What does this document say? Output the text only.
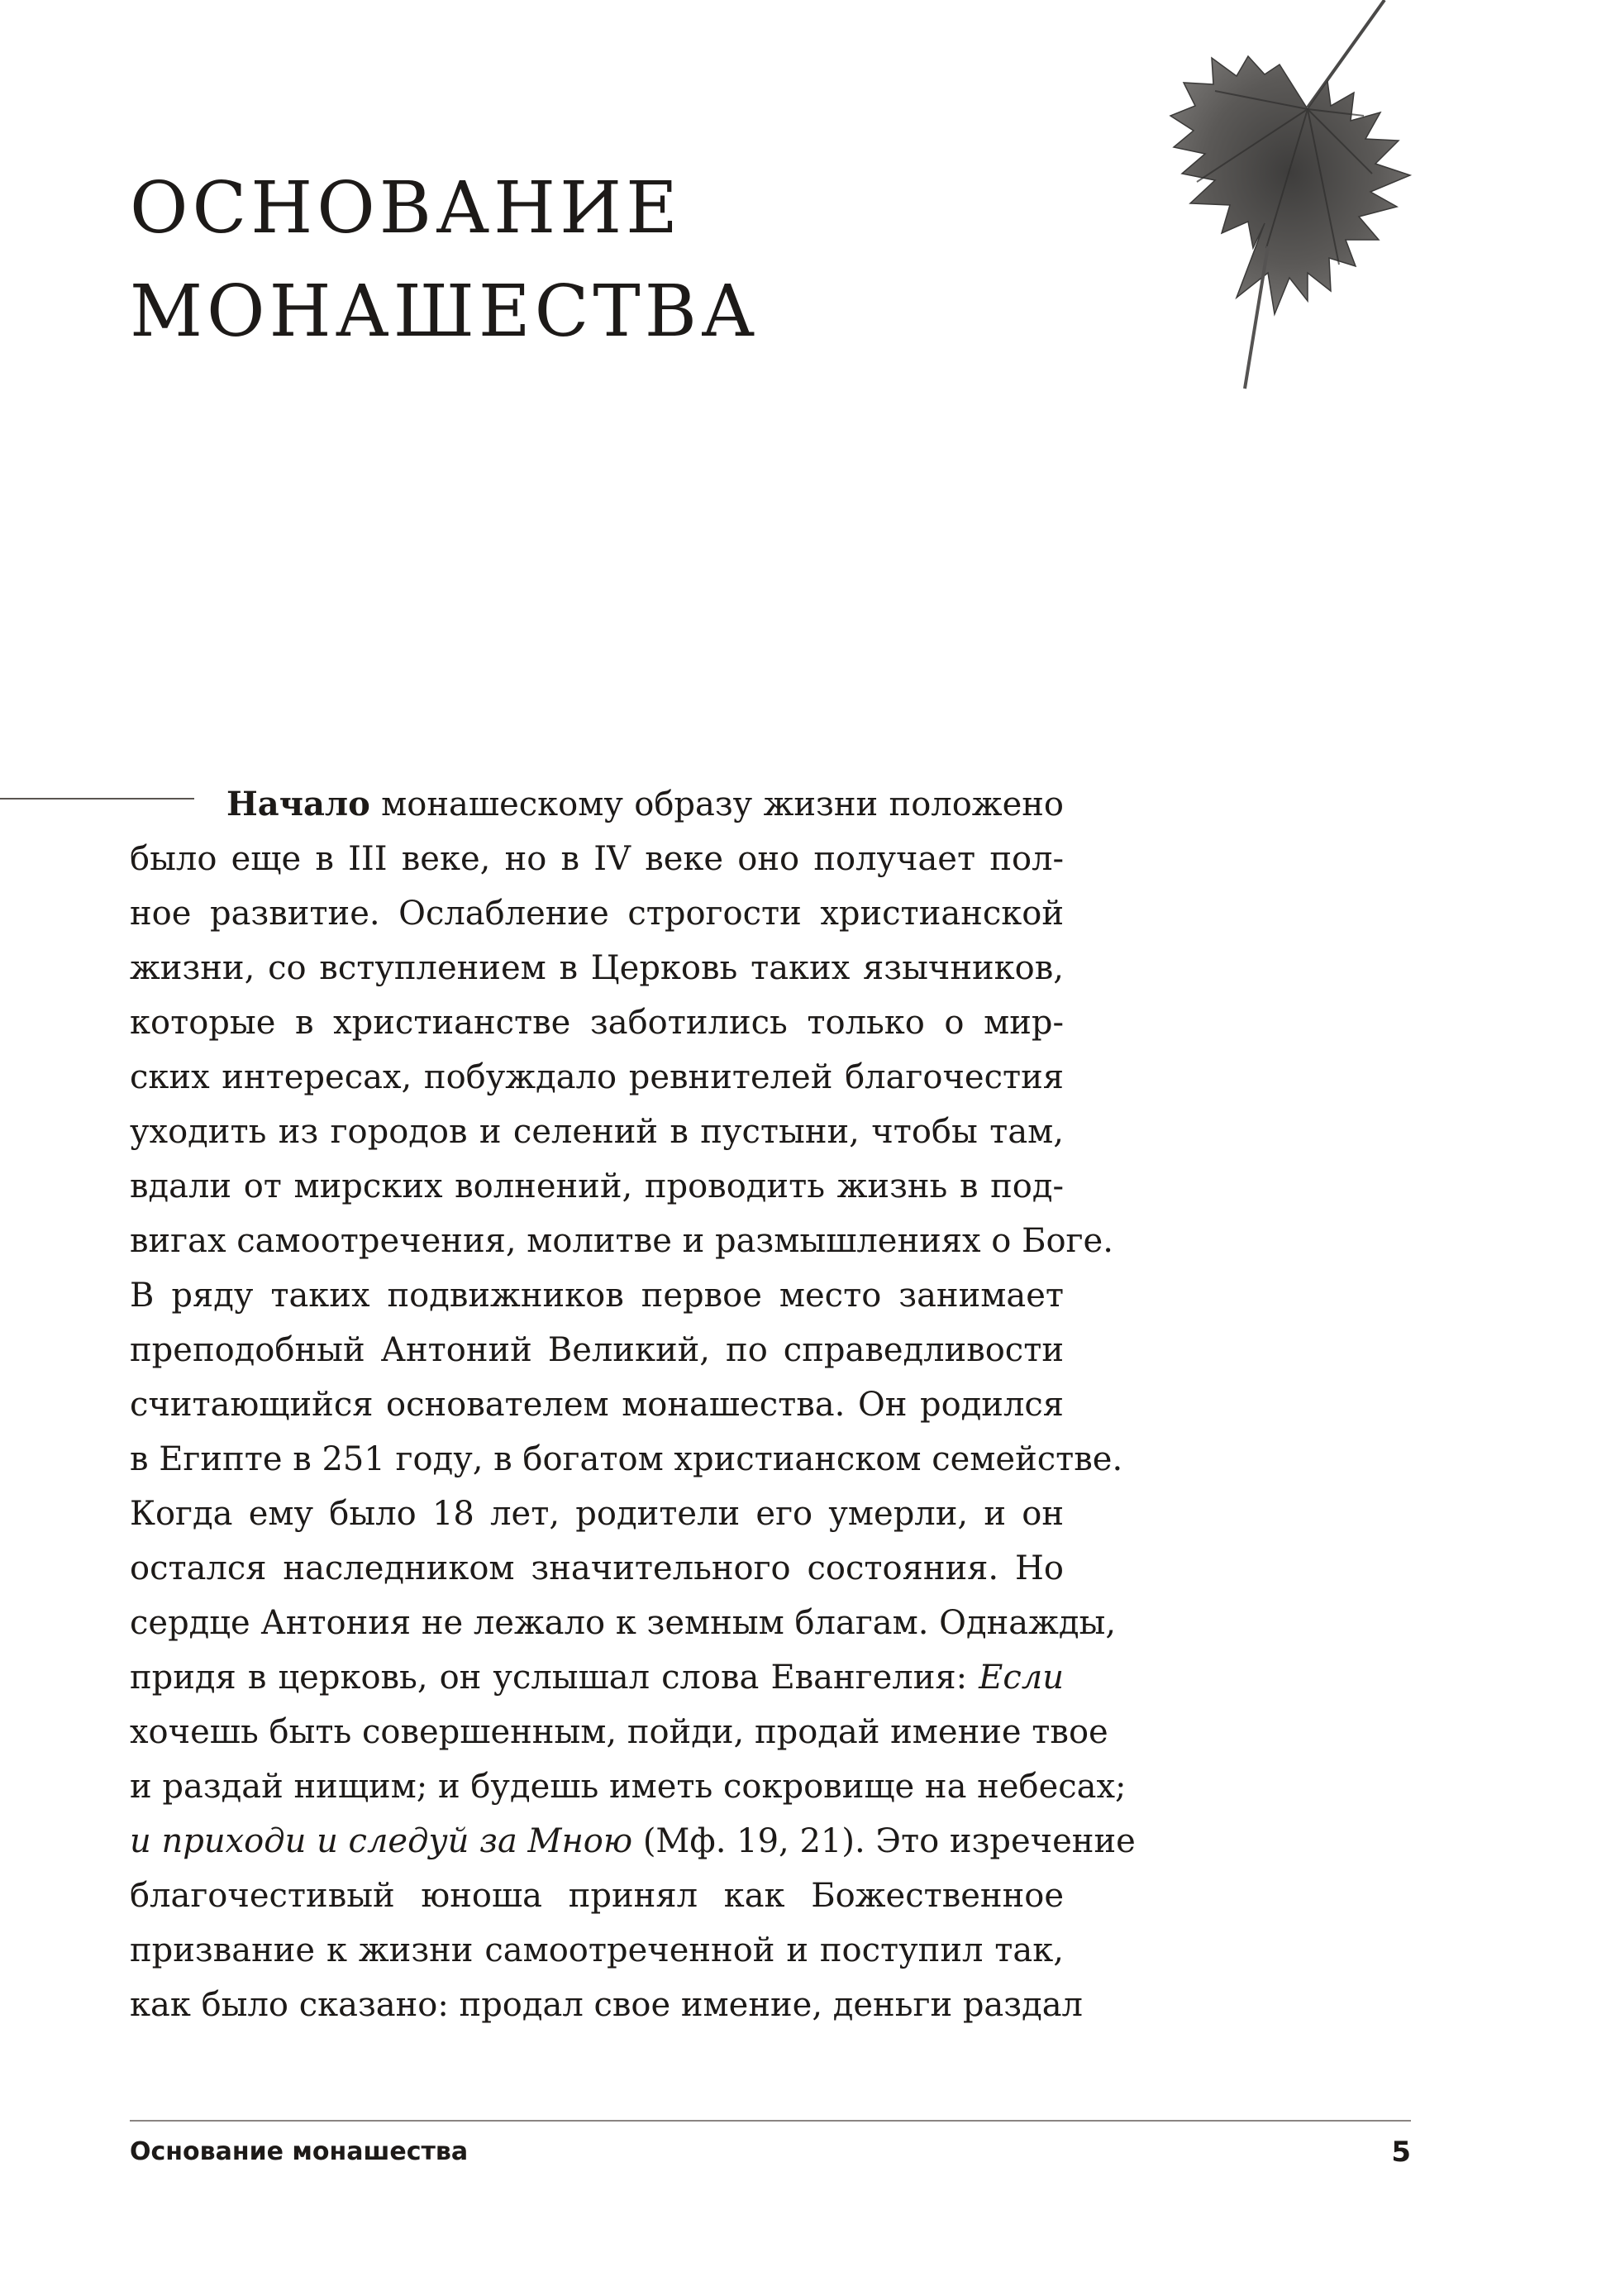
ОСНОВАНИЕ
МОНАШЕСТВА
Начало монашескому образу жизни положено
было еще в III веке, но в IV веке оно получает пол-
ное развитие. Ослабление строгости христианской
жизни, со вступлением в Церковь таких язычников,
которые в христианстве заботились только о мир-
ских интересах, побуждало ревнителей благочестия
уходить из городов и селений в пустыни, чтобы там,
вдали от мирских волнений, проводить жизнь в под-
вигах самоотречения, молитве и размышлениях о Боге.
В ряду таких подвижников первое место занимает
преподобный Антоний Великий, по справедливости
считающийся основателем монашества. Он родился
в Египте в 251 году, в богатом христианском семействе.
Когда ему было 18 лет, родители его умерли, и он
остался наследником значительного состояния. Но
сердце Антония не лежало к земным благам. Однажды,
придя в церковь, он услышал слова Евангелия: Если
хочешь быть совершенным, пойди, продай имение твое
и раздай нищим; и будешь иметь сокровище на небесах;
и приходи и следуй за Мною (Мф. 19, 21). Это изречение
благочестивый юноша принял как Божественное
призвание к жизни самоотреченной и поступил так,
как было сказано: продал свое имение, деньги раздал
Основание монашества	5
